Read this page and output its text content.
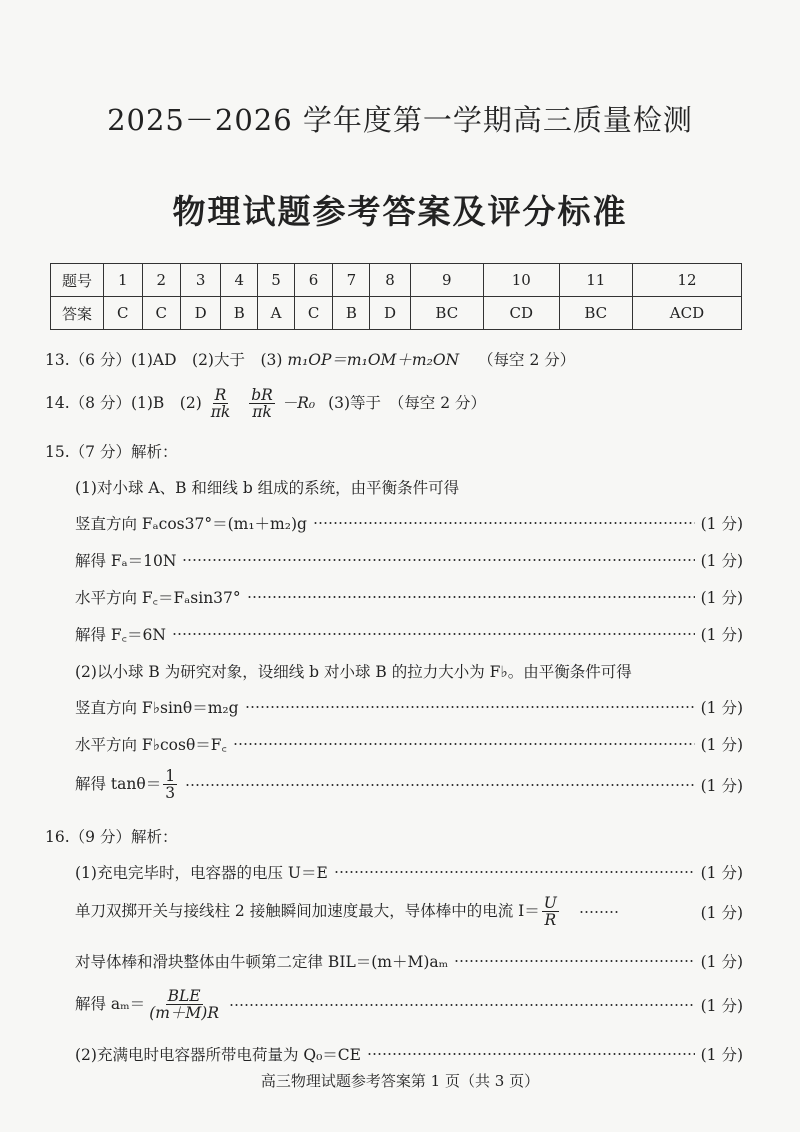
2025－2026 学年度第一学期高三质量检测
物理试题参考答案及评分标准
题号	1	2	3	4	5	6	7	8	9	10	11	12
答案	C	C	D	B	A	C	B	D	BC	CD	BC	ACD
13.（6 分）(1)AD　(2)大于　(3) m₁OP＝m₁OM＋m₂ON （每空 2 分）
14.（8 分）(1)B　$(2) \frac{R}{\pi k}$
$\frac{bR}{\pi k} -R_0$ (3)等于　（每空 2 分）
15.（7 分）解析：
(1)对小球 A、B 和细线 b 组成的系统，由平衡条件可得
竖直方向 Fₐcos37°＝(m₁＋m₂)g	(1 分)
解得 Fₐ＝10N	(1 分)
水平方向 F꜀＝Fₐsin37°	(1 分)
解得 F꜀＝6N	(1 分)
(2)以小球 B 为研究对象，设细线 b 对小球 B 的拉力大小为 F♭。由平衡条件可得
竖直方向 F♭sinθ＝m₂g	(1 分)
水平方向 F♭cosθ＝F꜀	(1 分)
解得 $\tan\theta= \frac{1}{3}$	(1 分)
16.（9 分）解析：
(1)充电完毕时，电容器的电压 U＝E	(1 分)
单刀双掷开关与接线柱 2 接触瞬间加速度最大，导体棒中的电流 $I= \frac{U}{R}$	(1 分)
对导体棒和滑块整体由牛顿第二定律 BIL＝(m＋M)aₘ	(1 分)
解得 $a_m= \frac{\text{BLE}}{(m+M)R}$	(1 分)
(2)充满电时电容器所带电荷量为 Q₀＝CE	(1 分)
高三物理试题参考答案第 1 页（共 3 页）
